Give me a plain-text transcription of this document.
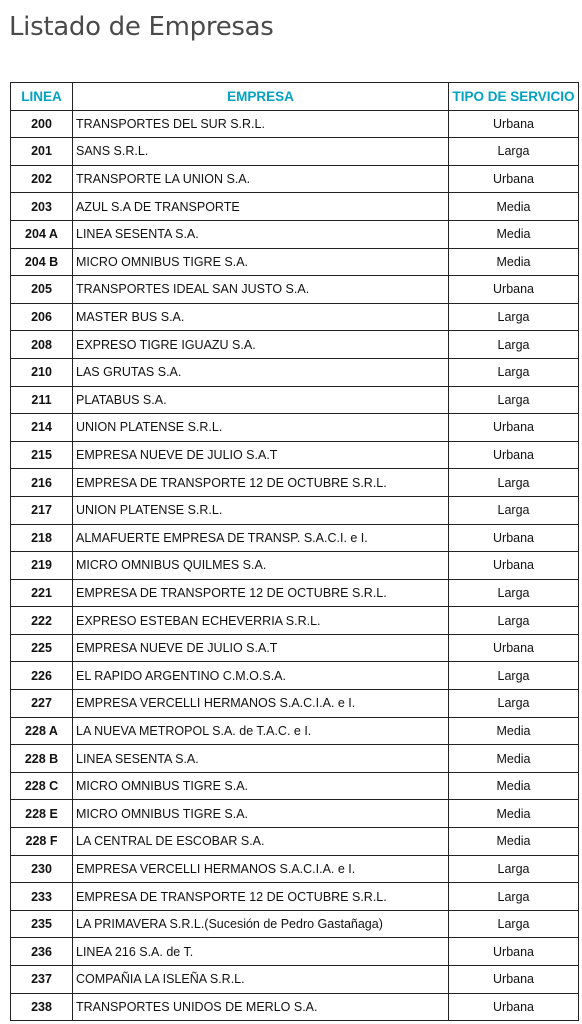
Listado de Empresas
LINEA	EMPRESA	TIPO DE SERVICIO
200	TRANSPORTES DEL SUR S.R.L.	Urbana
201	SANS S.R.L.	Larga
202	TRANSPORTE LA UNION S.A.	Urbana
203	AZUL S.A DE TRANSPORTE	Media
204 A	LINEA SESENTA S.A.	Media
204 B	MICRO OMNIBUS TIGRE S.A.	Media
205	TRANSPORTES IDEAL SAN JUSTO S.A.	Urbana
206	MASTER BUS S.A.	Larga
208	EXPRESO TIGRE IGUAZU S.A.	Larga
210	LAS GRUTAS S.A.	Larga
211	PLATABUS S.A.	Larga
214	UNION PLATENSE S.R.L.	Urbana
215	EMPRESA NUEVE DE JULIO S.A.T	Urbana
216	EMPRESA DE TRANSPORTE 12 DE OCTUBRE S.R.L.	Larga
217	UNION PLATENSE S.R.L.	Larga
218	ALMAFUERTE EMPRESA DE TRANSP. S.A.C.I. e I.	Urbana
219	MICRO OMNIBUS QUILMES S.A.	Urbana
221	EMPRESA DE TRANSPORTE 12 DE OCTUBRE S.R.L.	Larga
222	EXPRESO ESTEBAN ECHEVERRIA S.R.L.	Larga
225	EMPRESA NUEVE DE JULIO S.A.T	Urbana
226	EL RAPIDO ARGENTINO C.M.O.S.A.	Larga
227	EMPRESA VERCELLI HERMANOS S.A.C.I.A. e I.	Larga
228 A	LA NUEVA METROPOL S.A. de T.A.C. e I.	Media
228 B	LINEA SESENTA S.A.	Media
228 C	MICRO OMNIBUS TIGRE S.A.	Media
228 E	MICRO OMNIBUS TIGRE S.A.	Media
228 F	LA CENTRAL DE ESCOBAR S.A.	Media
230	EMPRESA VERCELLI HERMANOS S.A.C.I.A. e I.	Larga
233	EMPRESA DE TRANSPORTE 12 DE OCTUBRE S.R.L.	Larga
235	LA PRIMAVERA S.R.L.(Sucesión de Pedro Gastañaga)	Larga
236	LINEA 216 S.A. de T.	Urbana
237	COMPAÑIA LA ISLEÑA S.R.L.	Urbana
238	TRANSPORTES UNIDOS DE MERLO S.A.	Urbana
